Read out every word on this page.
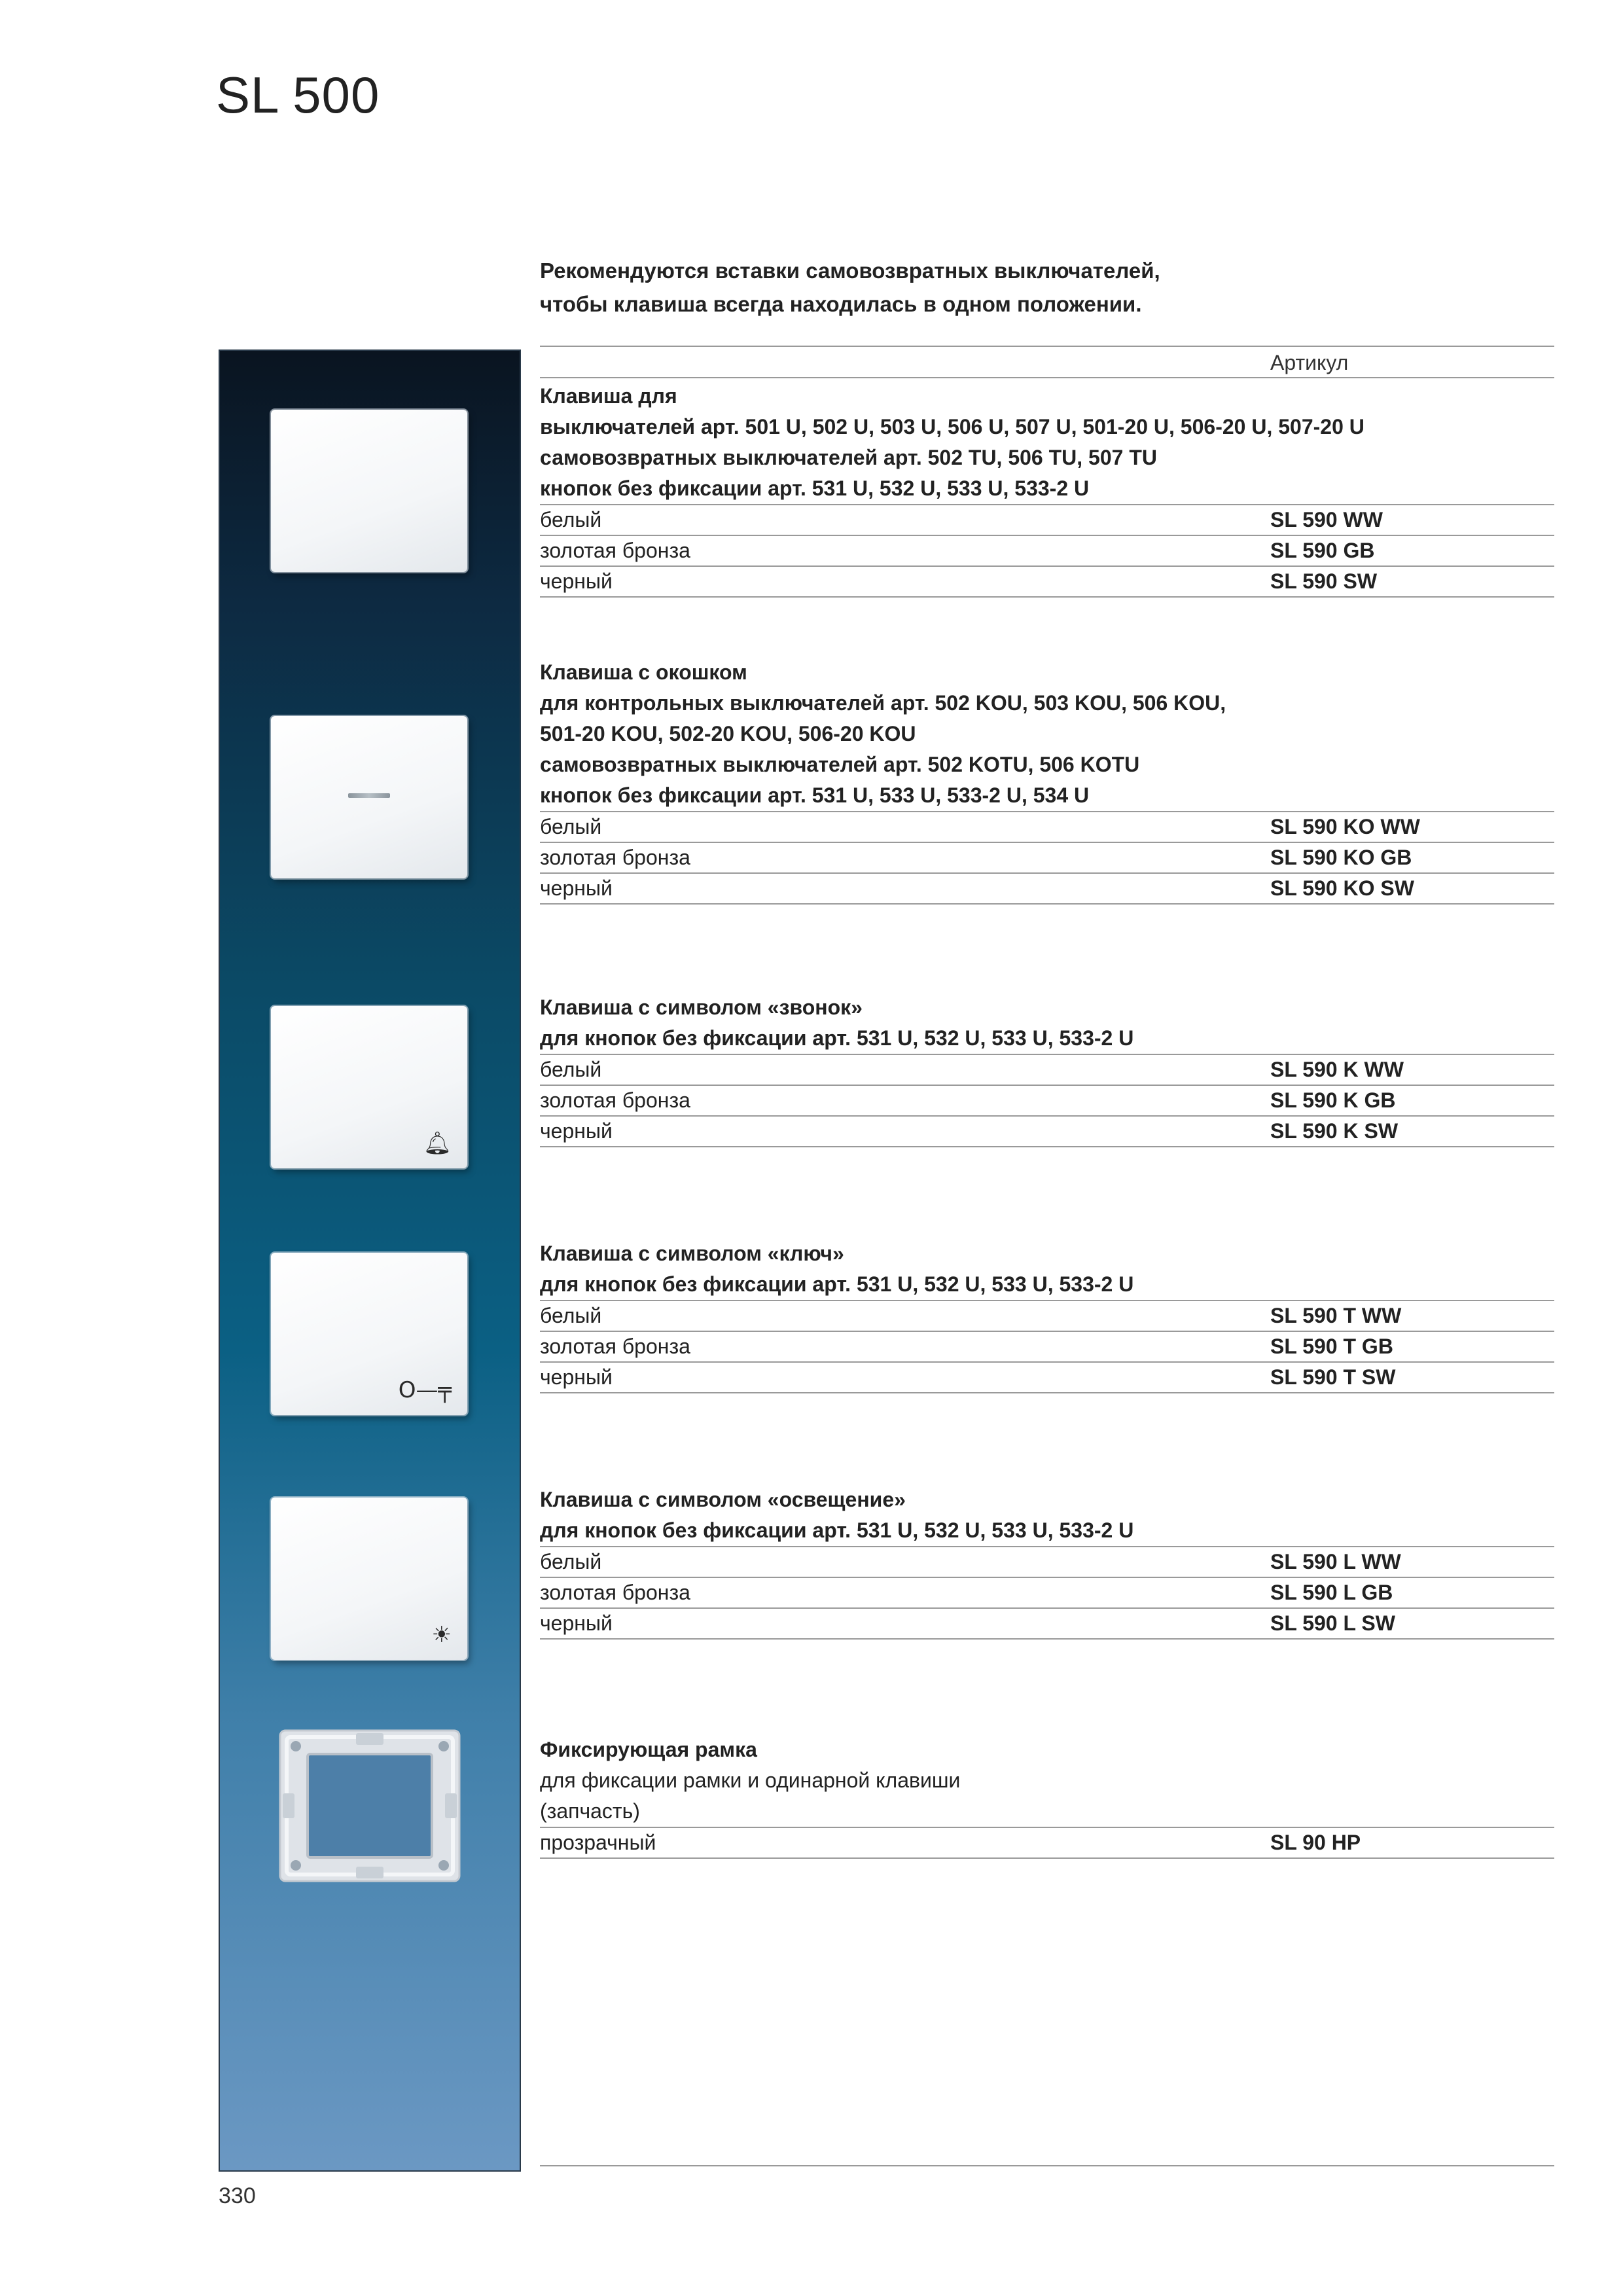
SL 500
Рекомендуются вставки самовозвратных выключателей,
чтобы клавиша всегда находилась в одном положении.
🔔︎
O—╤
☀
Артикул
Клавиша для
выключателей арт. 501 U, 502 U, 503 U, 506 U, 507 U, 501-20 U, 506-20 U, 507-20 U
самовозвратных выключателей арт. 502 TU, 506 TU, 507 TU
кнопок без фиксации арт. 531 U, 532 U, 533 U, 533-2 U
белый	SL 590 WW
золотая бронза	SL 590 GB
черный	SL 590 SW
Клавиша с окошком
для контрольных выключателей арт. 502 KOU, 503 KOU, 506 KOU,
501-20 KOU, 502-20 KOU, 506-20 KOU
самовозвратных выключателей арт. 502 KOTU, 506 KOTU
кнопок без фиксации арт. 531 U, 533 U, 533-2 U, 534 U
белый	SL 590 KO WW
золотая бронза	SL 590 KO GB
черный	SL 590 KO SW
Клавиша с символом «звонок»
для кнопок без фиксации арт. 531 U, 532 U, 533 U, 533-2 U
белый	SL 590 K WW
золотая бронза	SL 590 K GB
черный	SL 590 K SW
Клавиша с символом «ключ»
для кнопок без фиксации арт. 531 U, 532 U, 533 U, 533-2 U
белый	SL 590 T WW
золотая бронза	SL 590 T GB
черный	SL 590 T SW
Клавиша с символом «освещение»
для кнопок без фиксации арт. 531 U, 532 U, 533 U, 533-2 U
белый	SL 590 L WW
золотая бронза	SL 590 L GB
черный	SL 590 L SW
Фиксирующая рамка
для фиксации рамки и одинарной клавиши
(запчасть)
прозрачный	SL 90 HP
330
